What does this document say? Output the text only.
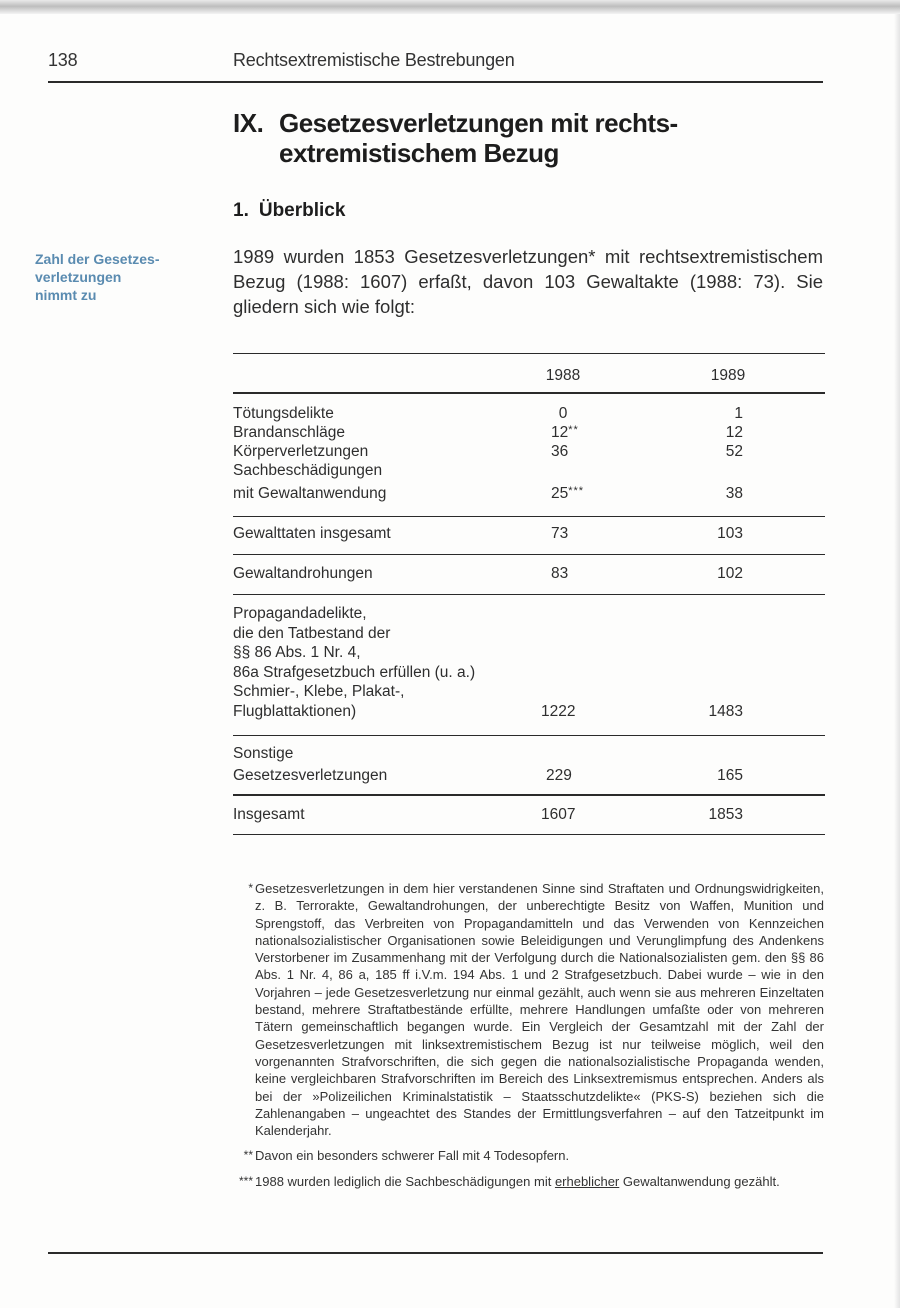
138	Rechtsextremistische Bestrebungen
IX. Gesetzesverletzungen mit rechts-
extremistischem Bezug
1. Überblick
Zahl der Gesetzes-
verletzungen
nimmt zu
1989 wurden 1853 Gesetzesverletzungen* mit rechtsextremistischem Bezug (1988: 1607) erfaßt, davon 103 Gewaltakte (1988: 73). Sie gliedern sich wie folgt:
1988	1989
Tötungsdelikte	0	1
Brandanschläge	12**	12
Körperverletzungen	36	52
Sachbeschädigungen
mit Gewaltanwendung	25***	38
Gewalttaten insgesamt	73	103
Gewaltandrohungen	83	102
Propagandadelikte,
die den Tatbestand der
§§ 86 Abs. 1 Nr. 4,
86a Strafgesetzbuch erfüllen (u. a.)
Schmier-, Klebe, Plakat-,
Flugblattaktionen)	1222	1483
Sonstige
Gesetzesverletzungen	229	165
Insgesamt	1607	1853
* Gesetzesverletzungen in dem hier verstandenen Sinne sind Straftaten und Ordnungswidrigkeiten, z. B. Terrorakte, Gewaltandrohungen, der unberechtigte Besitz von Waffen, Munition und Sprengstoff, das Verbreiten von Propagandamitteln und das Verwenden von Kennzeichen nationalsozialistischer Organisationen sowie Beleidigungen und Verunglimpfung des Andenkens Verstorbener im Zusammenhang mit der Verfolgung durch die Nationalsozialisten gem. den §§ 86 Abs. 1 Nr. 4, 86 a, 185 ff i.V.m. 194 Abs. 1 und 2 Strafgesetzbuch. Dabei wurde – wie in den Vorjahren – jede Gesetzesverletzung nur einmal gezählt, auch wenn sie aus mehreren Einzeltaten bestand, mehrere Straftatbestände erfüllte, mehrere Handlungen umfaßte oder von mehreren Tätern gemeinschaftlich begangen wurde. Ein Vergleich der Gesamtzahl mit der Zahl der Gesetzesverletzungen mit linksextremistischem Bezug ist nur teilweise möglich, weil den vorgenannten Strafvorschriften, die sich gegen die nationalsozialistische Propaganda wenden, keine vergleichbaren Strafvorschriften im Bereich des Linksextremismus entsprechen. Anders als bei der »Polizeilichen Kriminalstatistik – Staatsschutzdelikte« (PKS-S) beziehen sich die Zahlenangaben – ungeachtet des Standes der Ermittlungsverfahren – auf den Tatzeitpunkt im Kalenderjahr.
** Davon ein besonders schwerer Fall mit 4 Todesopfern.
*** 1988 wurden lediglich die Sachbeschädigungen mit erheblicher Gewaltanwendung gezählt.
